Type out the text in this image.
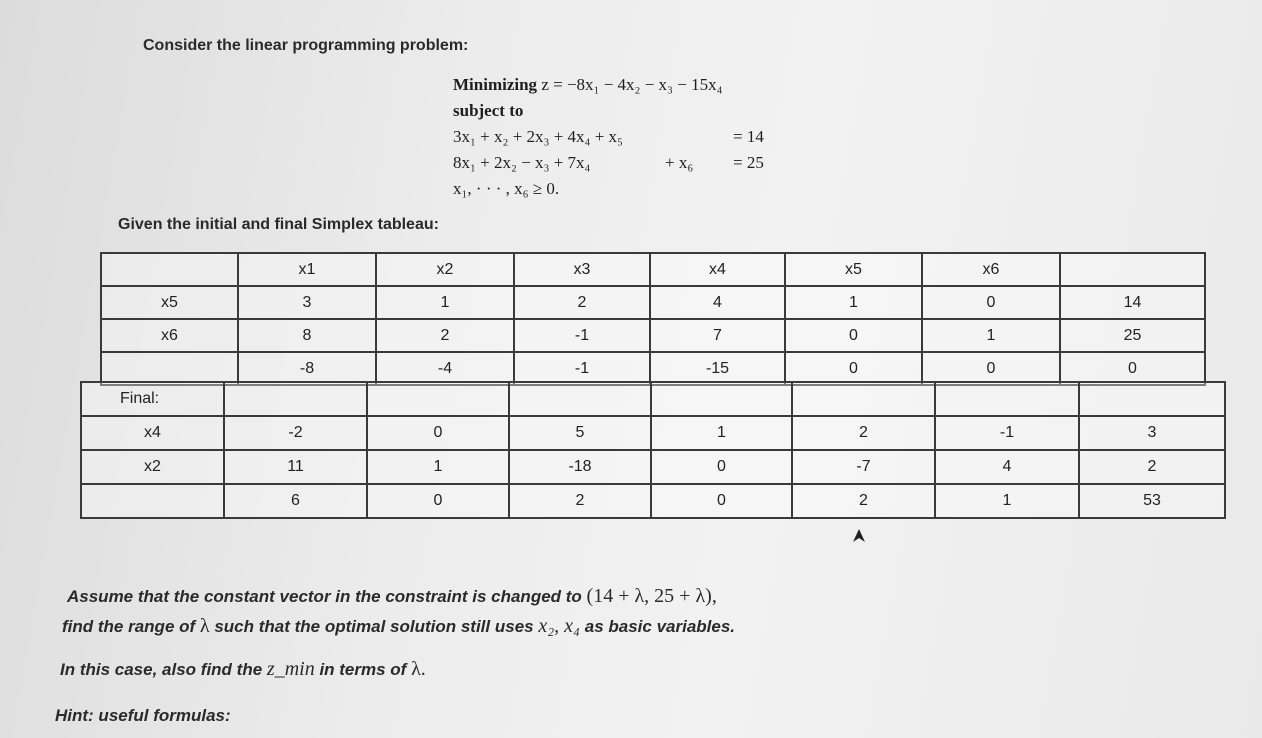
Consider the linear programming problem:
Minimizing z = −8x₁ − 4x₂ − x₃ − 15x₄
subject to
3x₁ + x₂ + 2x₃ + 4x₄ + x₅	= 14
8x₁ + 2x₂ − x₃ + 7x₄	+ x₆ = 25
x₁, · · · , x₆ ≥ 0.
Given the initial and final Simplex tableau:
	x1	x2	x3	x4	x5	x6	
x5	3	1	2	4	1	0	14
x6	8	2	-1	7	0	1	25
	-8	-4	-1	-15	0	0	0
Final:							
x4	-2	0	5	1	2	-1	3
x2	11	1	-18	0	-7	4	2
	6	0	2	0	2	1	53
Assume that the constant vector in the constraint is changed to (14 + λ, 25 + λ),
find the range of λ such that the optimal solution still uses x₂, x₄ as basic variables.
In this case, also find the z_min in terms of λ.
Hint: useful formulas:
